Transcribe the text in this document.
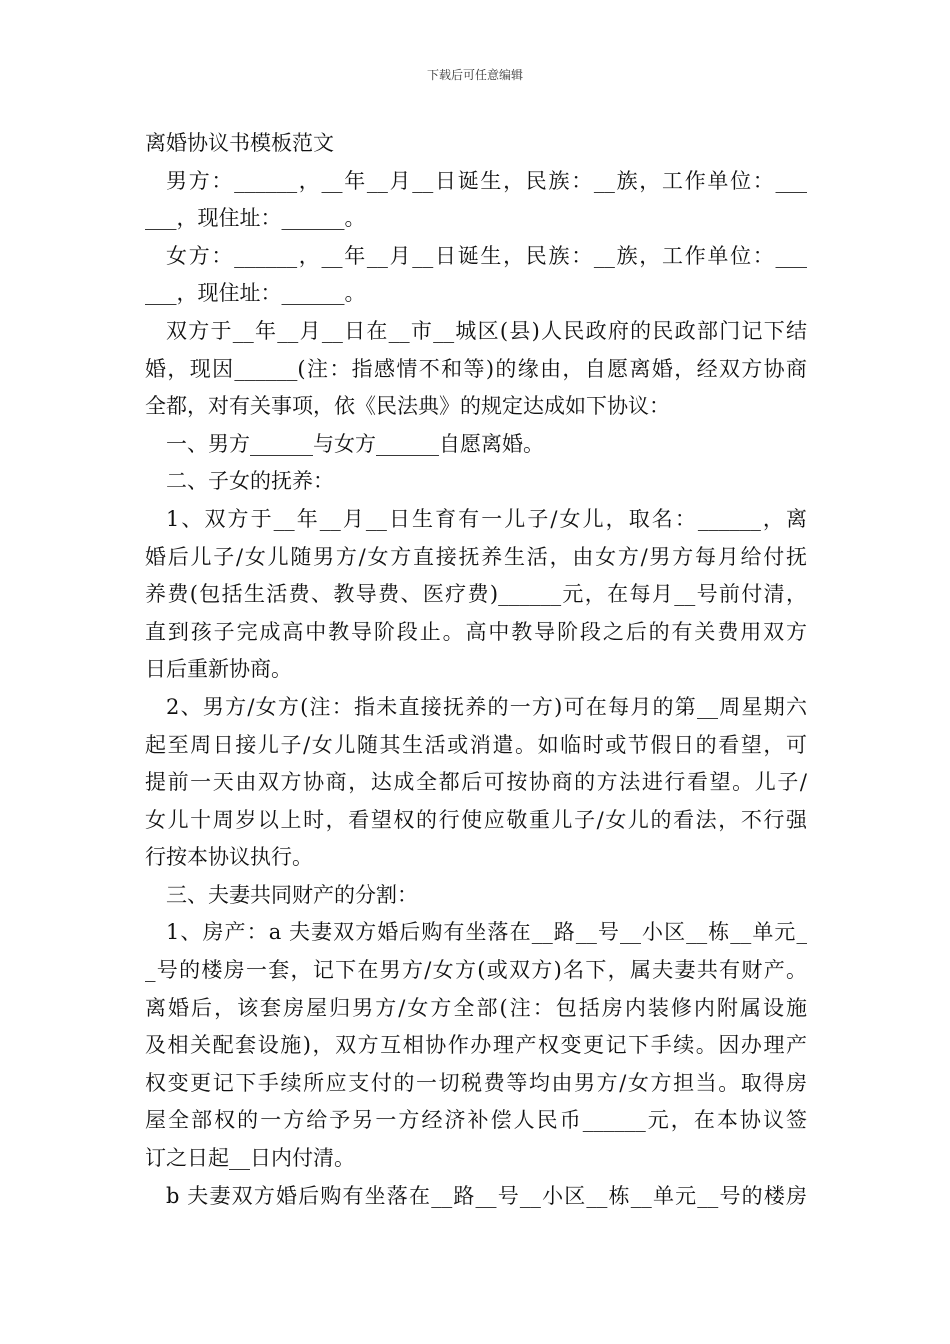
下载后可任意编辑
离婚协议书模板范文
男方：______，__年__月__日诞生，民族：__族，工作单位：___
___，现住址：______。
女方：______，__年__月__日诞生，民族：__族，工作单位：___
___，现住址：______。
双方于__年__月__日在__市__城区(县)人民政府的民政部门记下结
婚，现因______(注：指感情不和等)的缘由，自愿离婚，经双方协商
全都，对有关事项，依《民法典》的规定达成如下协议：
一、男方______与女方______自愿离婚。
二、子女的抚养：
1、双方于__年__月__日生育有一儿子/女儿，取名：______，离
婚后儿子/女儿随男方/女方直接抚养生活，由女方/男方每月给付抚
养费(包括生活费、教导费、医疗费)______元，在每月__号前付清，
直到孩子完成高中教导阶段止。高中教导阶段之后的有关费用双方
日后重新协商。
2、男方/女方(注：指未直接抚养的一方)可在每月的第__周星期六
起至周日接儿子/女儿随其生活或消遣。如临时或节假日的看望，可
提前一天由双方协商，达成全都后可按协商的方法进行看望。儿子/
女儿十周岁以上时，看望权的行使应敬重儿子/女儿的看法，不行强
行按本协议执行。
三、夫妻共同财产的分割：
1、房产：a 夫妻双方婚后购有坐落在__路__号__小区__栋__单元_
_号的楼房一套，记下在男方/女方(或双方)名下，属夫妻共有财产。
离婚后，该套房屋归男方/女方全部(注：包括房内装修内附属设施
及相关配套设施)，双方互相协作办理产权变更记下手续。因办理产
权变更记下手续所应支付的一切税费等均由男方/女方担当。取得房
屋全部权的一方给予另一方经济补偿人民币______元，在本协议签
订之日起__日内付清。
b 夫妻双方婚后购有坐落在__路__号__小区__栋__单元__号的楼房
